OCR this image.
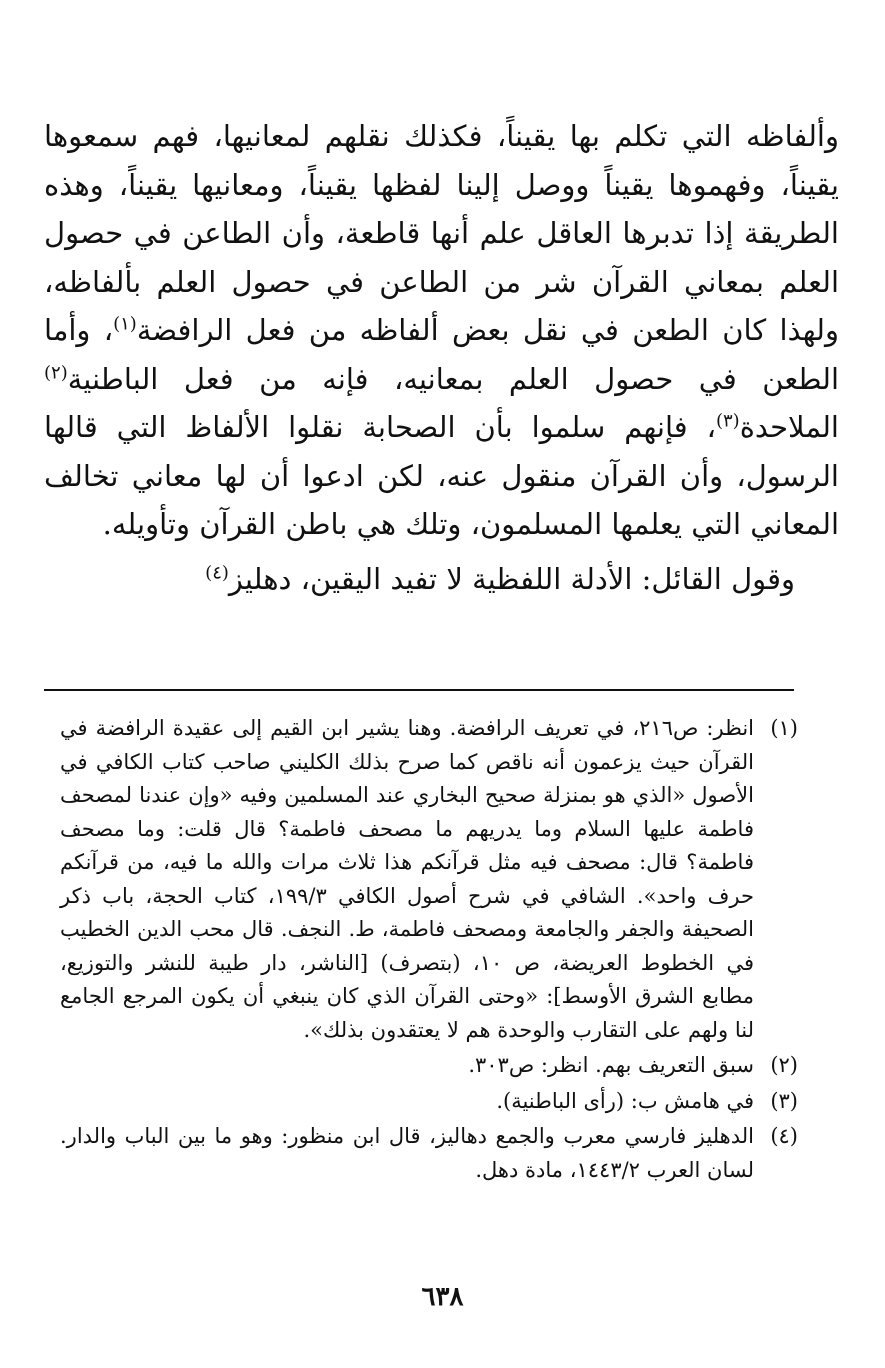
وألفاظه التي تكلم بها يقيناً، فكذلك نقلهم لمعانيها، فهم سمعوها يقيناً، وفهموها يقيناً ووصل إلينا لفظها يقيناً، ومعانيها يقيناً، وهذه الطريقة إذا تدبرها العاقل علم أنها قاطعة، وأن الطاعن في حصول العلم بمعاني القرآن شر من الطاعن في حصول العلم بألفاظه، ولهذا كان الطعن في نقل بعض ألفاظه من فعل الرافضة$^{(١)}$، وأما الطعن في حصول العلم بمعانيه، فإنه من فعل الباطنية$^{(٢)}$ الملاحدة$^{(٣)}$، فإنهم سلموا بأن الصحابة نقلوا الألفاظ التي قالها الرسول، وأن القرآن منقول عنه، لكن ادعوا أن لها معاني تخالف المعاني التي يعلمها المسلمون، وتلك هي باطن القرآن وتأويله.

وقول القائل: الأدلة اللفظية لا تفيد اليقين، دهليز$^{(٤)}$

(١)
انظر: ص٢١٦، في تعريف الرافضة. وهنا يشير ابن القيم إلى عقيدة الرافضة في القرآن حيث يزعمون أنه ناقص كما صرح بذلك الكليني صاحب كتاب الكافي في الأصول «الذي هو بمنزلة صحيح البخاري عند المسلمين وفيه «وإن عندنا لمصحف فاطمة عليها السلام وما يدريهم ما مصحف فاطمة؟ قال قلت: وما مصحف فاطمة؟ قال: مصحف فيه مثل قرآنكم هذا ثلاث مرات والله ما فيه، من قرآنكم حرف واحد». الشافي في شرح أصول الكافي ١٩٩/٣، كتاب الحجة، باب ذكر الصحيفة والجفر والجامعة ومصحف فاطمة، ط. النجف. قال محب الدين الخطيب في الخطوط العريضة، ص ١٠، (بتصرف) [الناشر، دار طيبة للنشر والتوزيع، مطابع الشرق الأوسط]: «وحتى القرآن الذي كان ينبغي أن يكون المرجع الجامع لنا ولهم على التقارب والوحدة هم لا يعتقدون بذلك».
(٢)
سبق التعريف بهم. انظر: ص٣٠٣.
(٣)
في هامش ب: (رأى الباطنية).
(٤)
الدهليز فارسي معرب والجمع دهاليز، قال ابن منظور: وهو ما بين الباب والدار. لسان العرب ١٤٤٣/٢، مادة دهل.
٦٣٨
